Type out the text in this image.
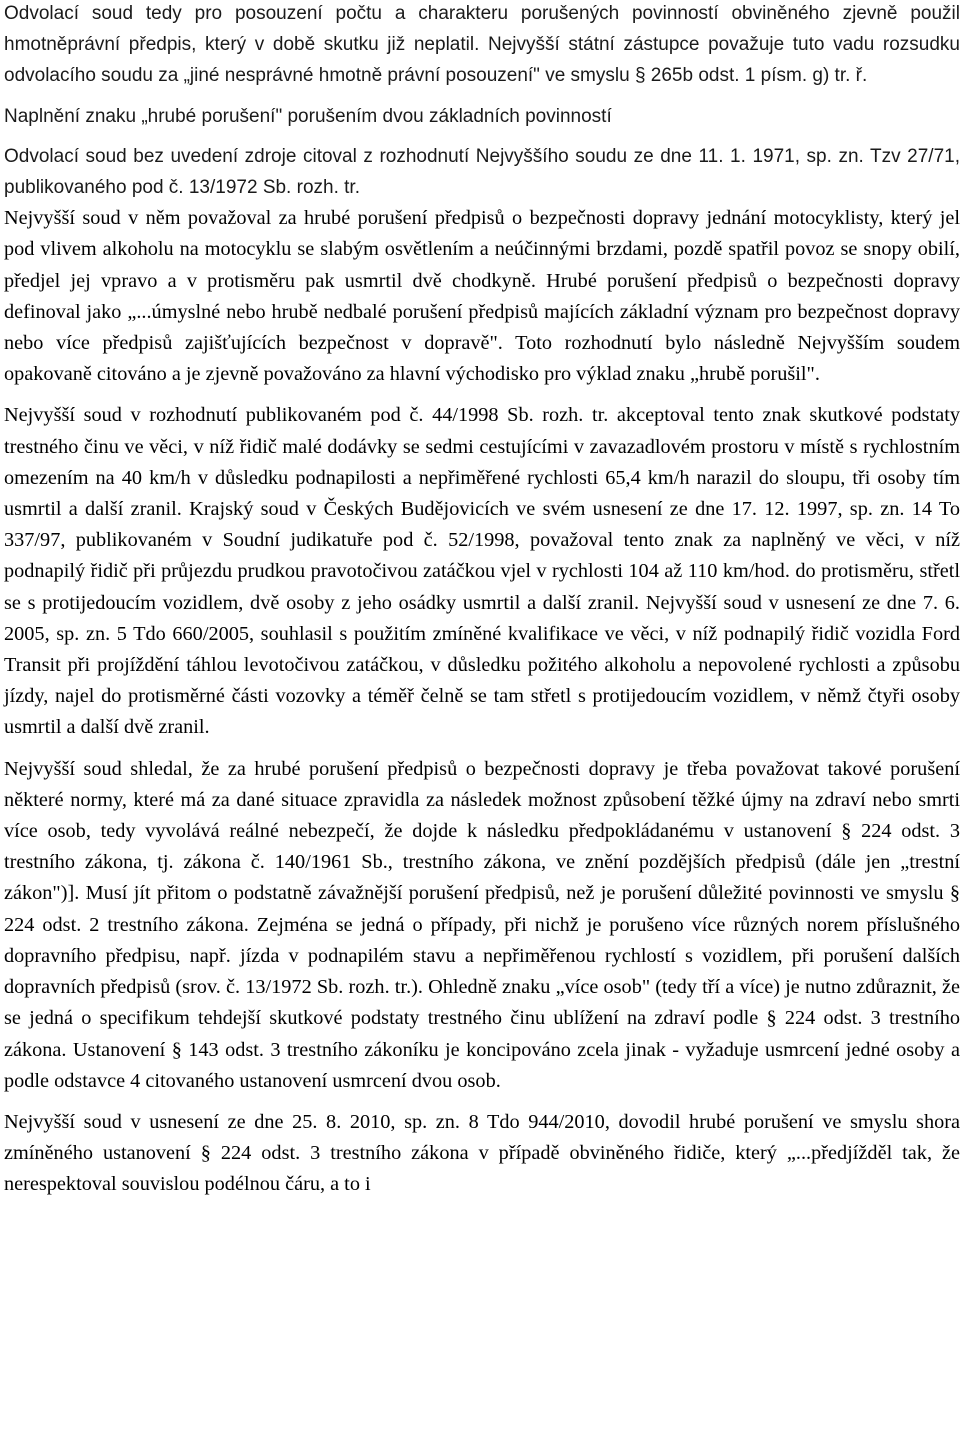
Odvolací soud tedy pro posouzení počtu a charakteru porušených povinností obviněného zjevně použil hmotněprávní předpis, který v době skutku již neplatil. Nejvyšší státní zástupce považuje tuto vadu rozsudku odvolacího soudu za „jiné nesprávné hmotně právní posouzení" ve smyslu § 265b odst. 1 písm. g) tr. ř.

Naplnění znaku „hrubé porušení" porušením dvou základních povinností

Odvolací soud bez uvedení zdroje citoval z rozhodnutí Nejvyššího soudu ze dne 11. 1. 1971, sp. zn. Tzv 27/71, publikovaného pod č. 13/1972 Sb. rozh. tr.
Nejvyšší soud v něm považoval za hrubé porušení předpisů o bezpečnosti dopravy jednání motocyklisty, který jel pod vlivem alkoholu na motocyklu se slabým osvětlením a neúčinnými brzdami, pozdě spatřil povoz se snopy obilí, předjel jej vpravo a v protisměru pak usmrtil dvě chodkyně. Hrubé porušení předpisů o bezpečnosti dopravy definoval jako „...úmyslné nebo hrubě nedbalé porušení předpisů majících základní význam pro bezpečnost dopravy nebo více předpisů zajišťujících bezpečnost v dopravě". Toto rozhodnutí bylo následně Nejvyšším soudem opakovaně citováno a je zjevně považováno za hlavní východisko pro výklad znaku „hrubě porušil".

Nejvyšší soud v rozhodnutí publikovaném pod č. 44/1998 Sb. rozh. tr. akceptoval tento znak skutkové podstaty trestného činu ve věci, v níž řidič malé dodávky se sedmi cestujícími v zavazadlovém prostoru v místě s rychlostním omezením na 40 km/h v důsledku podnapilosti a nepřiměřené rychlosti 65,4 km/h narazil do sloupu, tři osoby tím usmrtil a další zranil. Krajský soud v Českých Budějovicích ve svém usnesení ze dne 17. 12. 1997, sp. zn. 14 To 337/97, publikovaném v Soudní judikatuře pod č. 52/1998, považoval tento znak za naplněný ve věci, v níž podnapilý řidič při průjezdu prudkou pravotočivou zatáčkou vjel v rychlosti 104 až 110 km/hod. do protisměru, střetl se s protijedoucím vozidlem, dvě osoby z jeho osádky usmrtil a další zranil. Nejvyšší soud v usnesení ze dne 7. 6. 2005, sp. zn. 5 Tdo 660/2005, souhlasil s použitím zmíněné kvalifikace ve věci, v níž podnapilý řidič vozidla Ford Transit při projíždění táhlou levotočivou zatáčkou, v důsledku požitého alkoholu a nepovolené rychlosti a způsobu jízdy, najel do protisměrné části vozovky a téměř čelně se tam střetl s protijedoucím vozidlem, v němž čtyři osoby usmrtil a další dvě zranil.

Nejvyšší soud shledal, že za hrubé porušení předpisů o bezpečnosti dopravy je třeba považovat takové porušení některé normy, které má za dané situace zpravidla za následek možnost způsobení těžké újmy na zdraví nebo smrti více osob, tedy vyvolává reálné nebezpečí, že dojde k následku předpokládanému v ustanovení § 224 odst. 3 trestního zákona, tj. zákona č. 140/1961 Sb., trestního zákona, ve znění pozdějších předpisů (dále jen „trestní zákon")]. Musí jít přitom o podstatně závažnější porušení předpisů, než je porušení důležité povinnosti ve smyslu § 224 odst. 2 trestního zákona. Zejména se jedná o případy, při nichž je porušeno více různých norem příslušného dopravního předpisu, např. jízda v podnapilém stavu a nepřiměřenou rychlostí s vozidlem, při porušení dalších dopravních předpisů (srov. č. 13/1972 Sb. rozh. tr.). Ohledně znaku „více osob" (tedy tří a více) je nutno zdůraznit, že se jedná o specifikum tehdejší skutkové podstaty trestného činu ublížení na zdraví podle § 224 odst. 3 trestního zákona. Ustanovení § 143 odst. 3 trestního zákoníku je koncipováno zcela jinak - vyžaduje usmrcení jedné osoby a podle odstavce 4 citovaného ustanovení usmrcení dvou osob.

Nejvyšší soud v usnesení ze dne 25. 8. 2010, sp. zn. 8 Tdo 944/2010, dovodil hrubé porušení ve smyslu shora zmíněného ustanovení § 224 odst. 3 trestního zákona v případě obviněného řidiče, který „...předjížděl tak, že nerespektoval souvislou podélnou čáru, a to i
